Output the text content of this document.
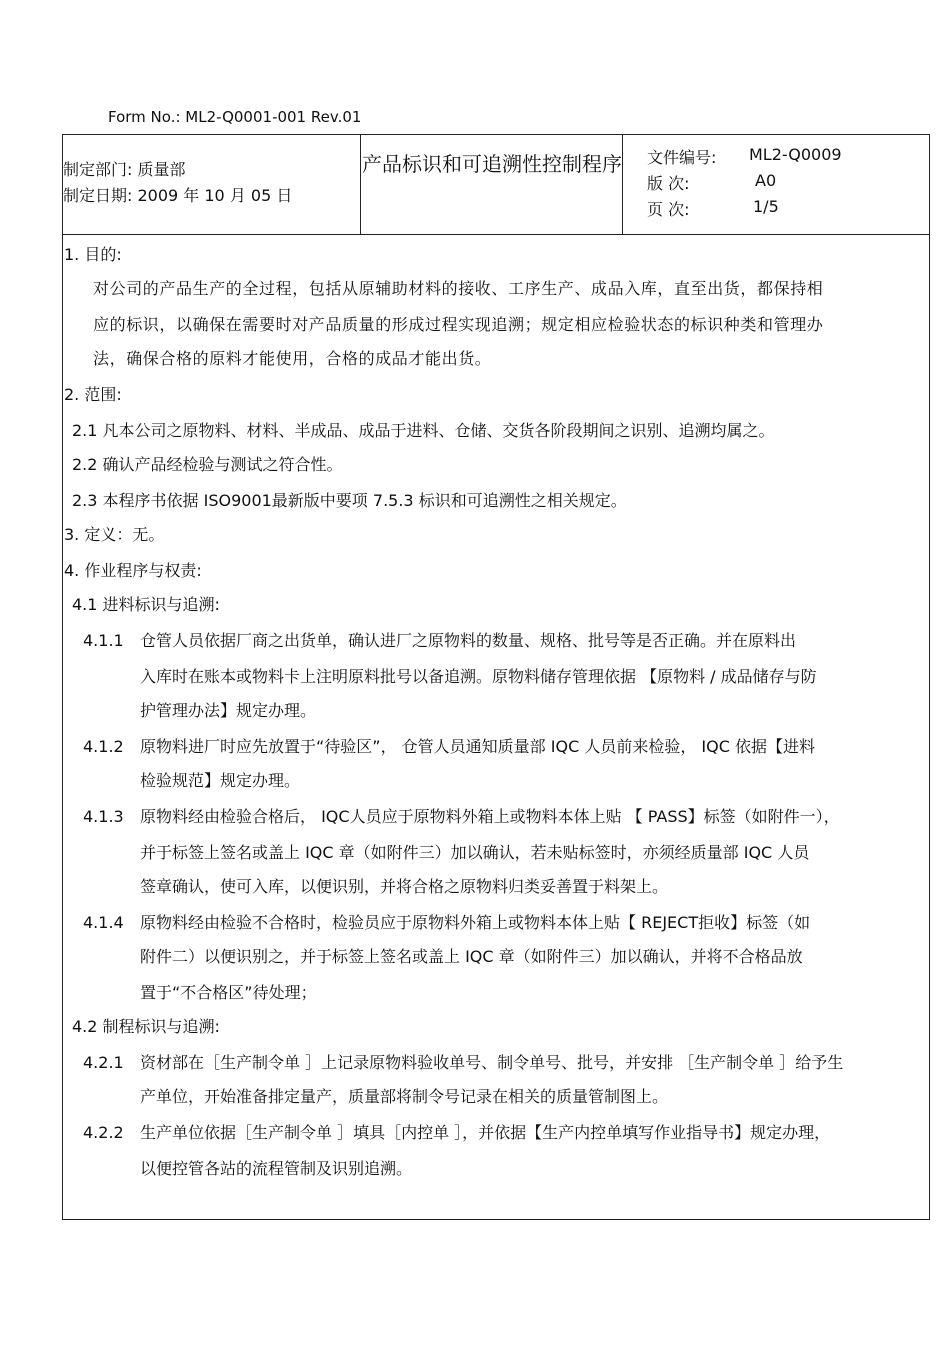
Form No.: ML2-Q0001-001 Rev.01
制定部门: 质量部
制定日期: 2009 年 10 月 05 日
产品标识和可追溯性控制程序 文件编号: ML2-Q0009
版 次:	A0
页 次:	1/5
1. 目的:
对公司的产品生产的全过程，包括从原辅助材料的接收、工序生产、成品入库，直至出货，都保持相
应的标识，以确保在需要时对产品质量的形成过程实现追溯；规定相应检验状态的标识种类和管理办
法，确保合格的原料才能使用，合格的成品才能出货。
2. 范围:
2.1 凡本公司之原物料、材料、半成品、成品于进料、仓储、交货各阶段期间之识别、追溯均属之。
2.2 确认产品经检验与测试之符合性。
2.3 本程序书依据 ISO9001最新版中要项 7.5.3 标识和可追溯性之相关规定。
3. 定义：无。
4. 作业程序与权责:
4.1 进料标识与追溯:
4.1.1 仓管人员依据厂商之出货单，确认进厂之原物料的数量、规格、批号等是否正确。并在原料出
入库时在账本或物料卡上注明原料批号以备追溯。原物料储存管理依据 【原物料 / 成品储存与防
护管理办法】规定办理。
4.1.2 原物料进厂时应先放置于“待验区”， 仓管人员通知质量部 IQC 人员前来检验， IQC 依据【进料
检验规范】规定办理。
4.1.3 原物料经由检验合格后， IQC人员应于原物料外箱上或物料本体上贴 【 PASS】标签（如附件一），
并于标签上签名或盖上 IQC 章（如附件三）加以确认，若未贴标签时，亦须经质量部 IQC 人员
签章确认，使可入库，以便识别，并将合格之原物料归类妥善置于料架上。
4.1.4 原物料经由检验不合格时，检验员应于原物料外箱上或物料本体上贴【 REJECT拒收】标签（如
附件二）以便识别之，并于标签上签名或盖上 IQC 章（如附件三）加以确认，并将不合格品放
置于“不合格区”待处理；
4.2 制程标识与追溯:
4.2.1 资材部在［生产制令单 ］上记录原物料验收单号、制令单号、批号，并安排 ［生产制令单 ］给予生
产单位，开始准备排定量产，质量部将制令号记录在相关的质量管制图上。
4.2.2 生产单位依据［生产制令单 ］填具［内控单 ］，并依据【生产内控单填写作业指导书】规定办理，
以便控管各站的流程管制及识别追溯。
